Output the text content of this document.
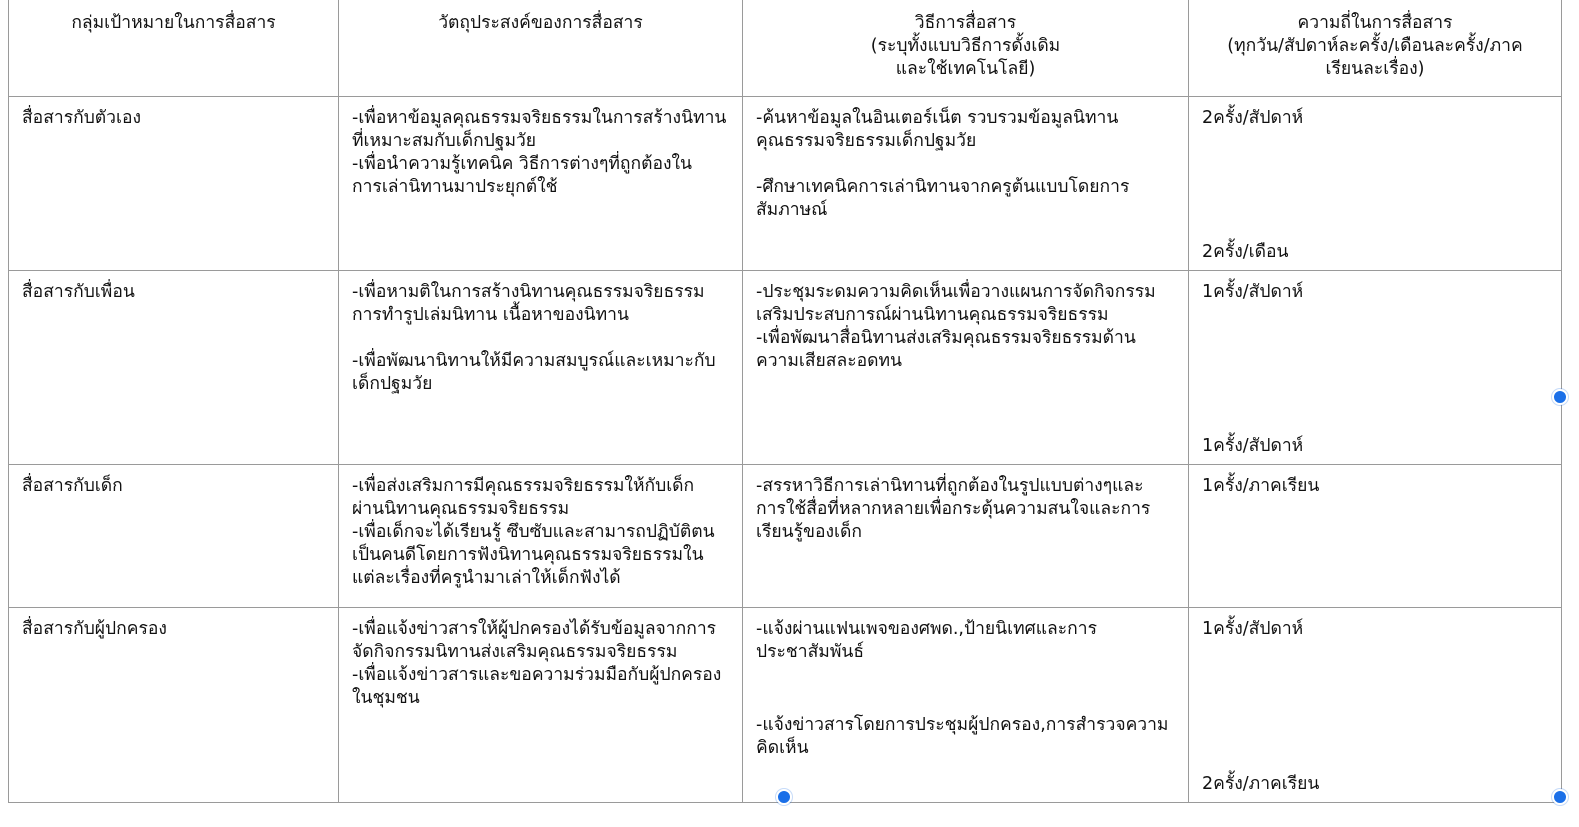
กลุ่มเป้าหมายในการสื่อสาร	วัตถุประสงค์ของการสื่อสาร	วิธีการสื่อสาร
(ระบุทั้งแบบวิธีการดั้งเดิม
และใช้เทคโนโลยี)	ความถี่ในการสื่อสาร
(ทุกวัน/สัปดาห์ละครั้ง/เดือนละครั้ง/ภาค
เรียนละเรื่อง)

สื่อสารกับตัวเอง	-เพื่อหาข้อมูลคุณธรรมจริยธรรมในการสร้างนิทาน
ที่เหมาะสมกับเด็กปฐมวัย
-เพื่อนำความรู้เทคนิค วิธีการต่างๆที่ถูกต้องใน
การเล่านิทานมาประยุกต์ใช้	-ค้นหาข้อมูลในอินเตอร์เน็ต รวบรวมข้อมูลนิทาน
คุณธรรมจริยธรรมเด็กปฐมวัย
-ศึกษาเทคนิคการเล่านิทานจากครูต้นแบบโดยการ
สัมภาษณ์	2ครั้ง/สัปดาห์
2ครั้ง/เดือน

สื่อสารกับเพื่อน	-เพื่อหามติในการสร้างนิทานคุณธรรมจริยธรรม
การทำรูปเล่มนิทาน เนื้อหาของนิทาน
-เพื่อพัฒนานิทานให้มีความสมบูรณ์และเหมาะกับ
เด็กปฐมวัย	-ประชุมระดมความคิดเห็นเพื่อวางแผนการจัดกิจกรรม
เสริมประสบการณ์ผ่านนิทานคุณธรรมจริยธรรม
-เพื่อพัฒนาสื่อนิทานส่งเสริมคุณธรรมจริยธรรมด้าน
ความเสียสละอดทน	1ครั้ง/สัปดาห์
1ครั้ง/สัปดาห์

สื่อสารกับเด็ก	-เพื่อส่งเสริมการมีคุณธรรมจริยธรรมให้กับเด็ก
ผ่านนิทานคุณธรรมจริยธรรม
-เพื่อเด็กจะได้เรียนรู้ ซึบซับและสามารถปฏิบัติตน
เป็นคนดีโดยการฟังนิทานคุณธรรมจริยธรรมใน
แต่ละเรื่องที่ครูนำมาเล่าให้เด็กฟังได้	-สรรหาวิธีการเล่านิทานที่ถูกต้องในรูปแบบต่างๆและ
การใช้สื่อที่หลากหลายเพื่อกระตุ้นความสนใจและการ
เรียนรู้ของเด็ก	1ครั้ง/ภาคเรียน

สื่อสารกับผู้ปกครอง	-เพื่อแจ้งข่าวสารให้ผู้ปกครองได้รับข้อมูลจากการ
จัดกิจกรรมนิทานส่งเสริมคุณธรรมจริยธรรม
-เพื่อแจ้งข่าวสารและขอความร่วมมือกับผู้ปกครอง
ในชุมชน	-แจ้งผ่านแฟนเพจของศพด.,ป้ายนิเทศและการ
ประชาสัมพันธ์
-แจ้งข่าวสารโดยการประชุมผู้ปกครอง,การสำรวจความ
คิดเห็น	1ครั้ง/สัปดาห์
2ครั้ง/ภาคเรียน
